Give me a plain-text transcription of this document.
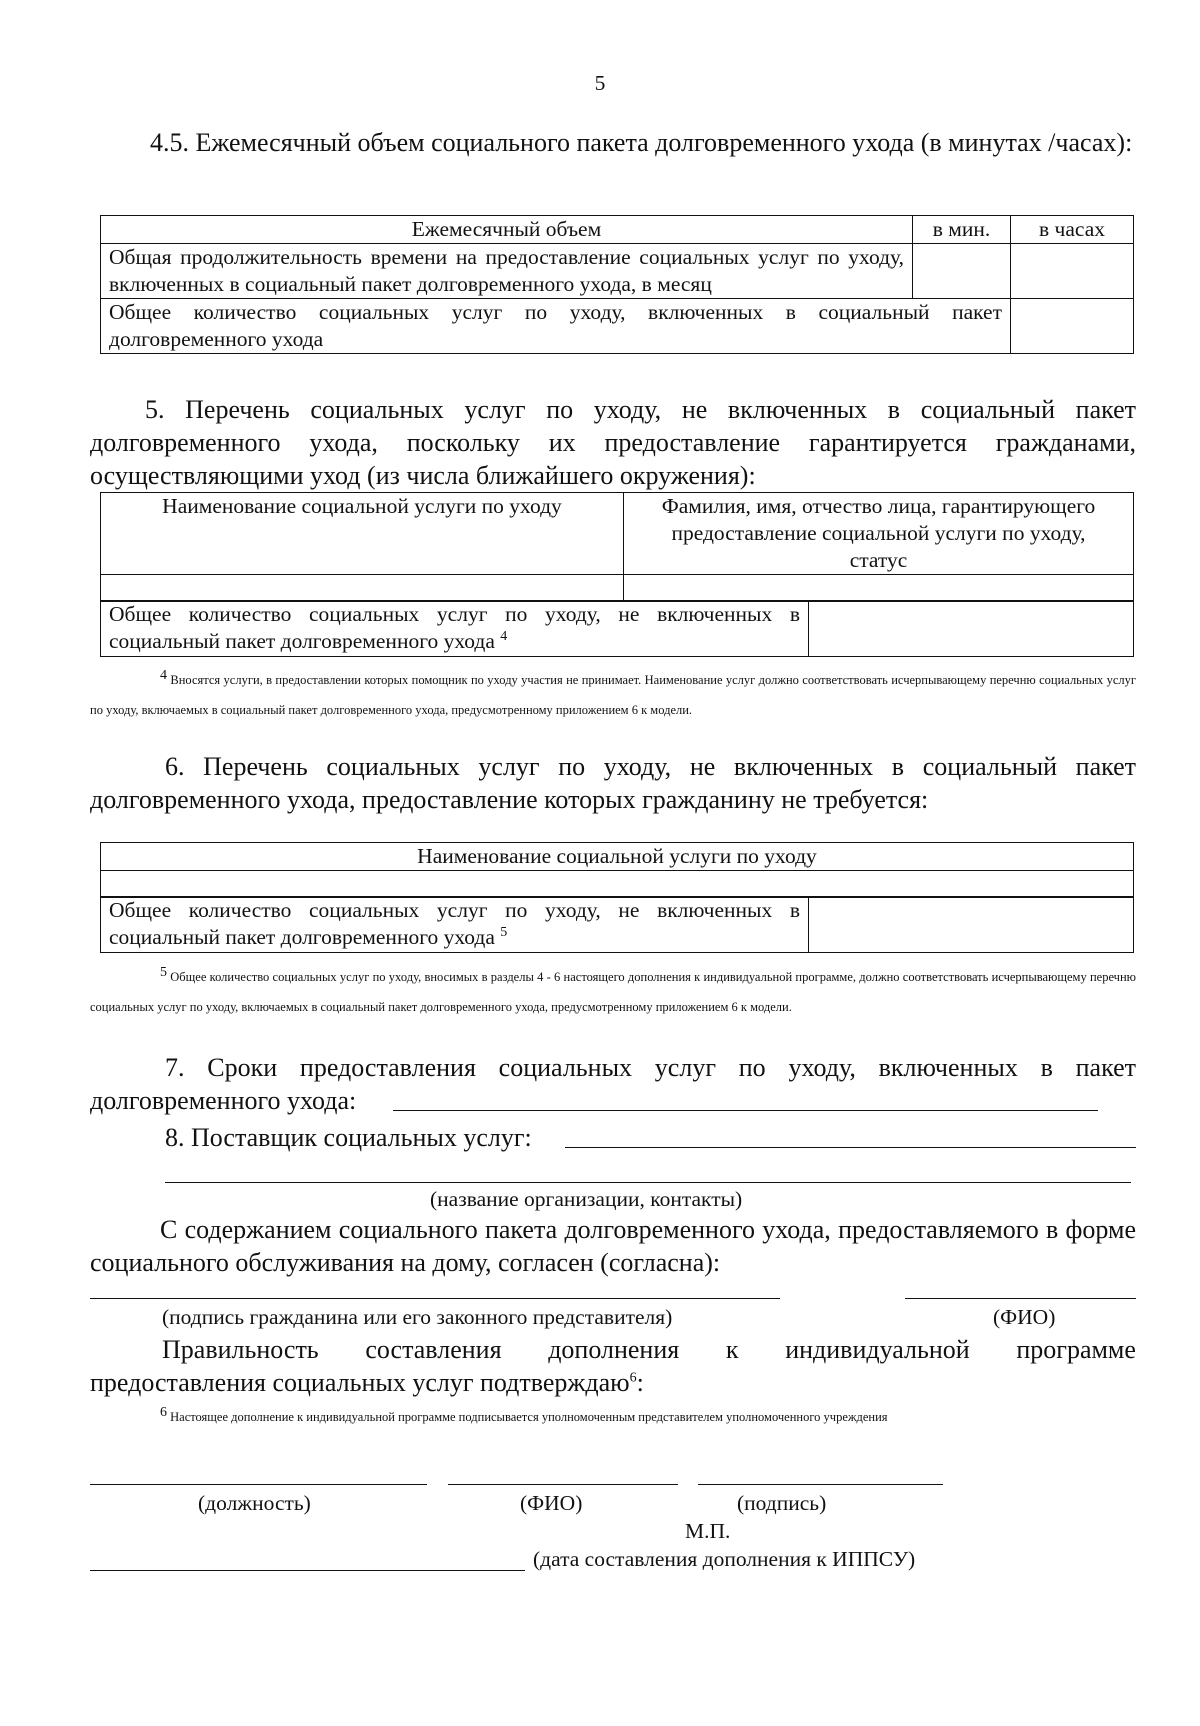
5
4.5. Ежемесячный объем социального пакета долговременного ухода (в минутах /часах):
Ежемесячный объем	в мин.	в часах
Общая продолжительность времени на предоставление социальных услуг по уходу, включенных в социальный пакет долговременного ухода, в месяц		
Общее количество социальных услуг по уходу, включенных в социальный пакет долговременного ухода		
5. Перечень социальных услуг по уходу, не включенных в социальный пакет долговременного ухода, поскольку их предоставление гарантируется гражданами, осуществляющими уход (из числа ближайшего окружения):
Наименование социальной услуги по уходу	Фамилия, имя, отчество лица, гарантирующего предоставление социальной услуги по уходу, статус

Общее количество социальных услуг по уходу, не включенных в социальный пакет долговременного ухода $^4$	
$^4$ Вносятся услуги, в предоставлении которых помощник по уходу участия не принимает. Наименование услуг должно соответствовать исчерпывающему перечню социальных услуг по уходу, включаемых в социальный пакет долговременного ухода, предусмотренному приложением 6 к модели.
6. Перечень социальных услуг по уходу, не включенных в социальный пакет долговременного ухода, предоставление которых гражданину не требуется:
Наименование социальной услуги по уходу

Общее количество социальных услуг по уходу, не включенных в социальный пакет долговременного ухода $^5$	
$^5$ Общее количество социальных услуг по уходу, вносимых в разделы 4 - 6 настоящего дополнения к индивидуальной программе, должно соответствовать исчерпывающему перечню социальных услуг по уходу, включаемых в социальный пакет долговременного ухода, предусмотренному приложением 6 к модели.
7. Сроки предоставления социальных услуг по уходу, включенных в пакет
долговременного ухода:
8. Поставщик социальных услуг:
(название организации, контакты)
С содержанием социального пакета долговременного ухода, предоставляемого в форме социального обслуживания на дому, согласен (согласна):
(подпись гражданина или его законного представителя)	(ФИО)
Правильность составления дополнения к индивидуальной программе
предоставления социальных услуг подтверждаю$^6$:
$^6$ Настоящее дополнение к индивидуальной программе подписывается уполномоченным представителем уполномоченного учреждения
(должность)	(ФИО)	(подпись)
М.П.
(дата составления дополнения к ИППСУ)
